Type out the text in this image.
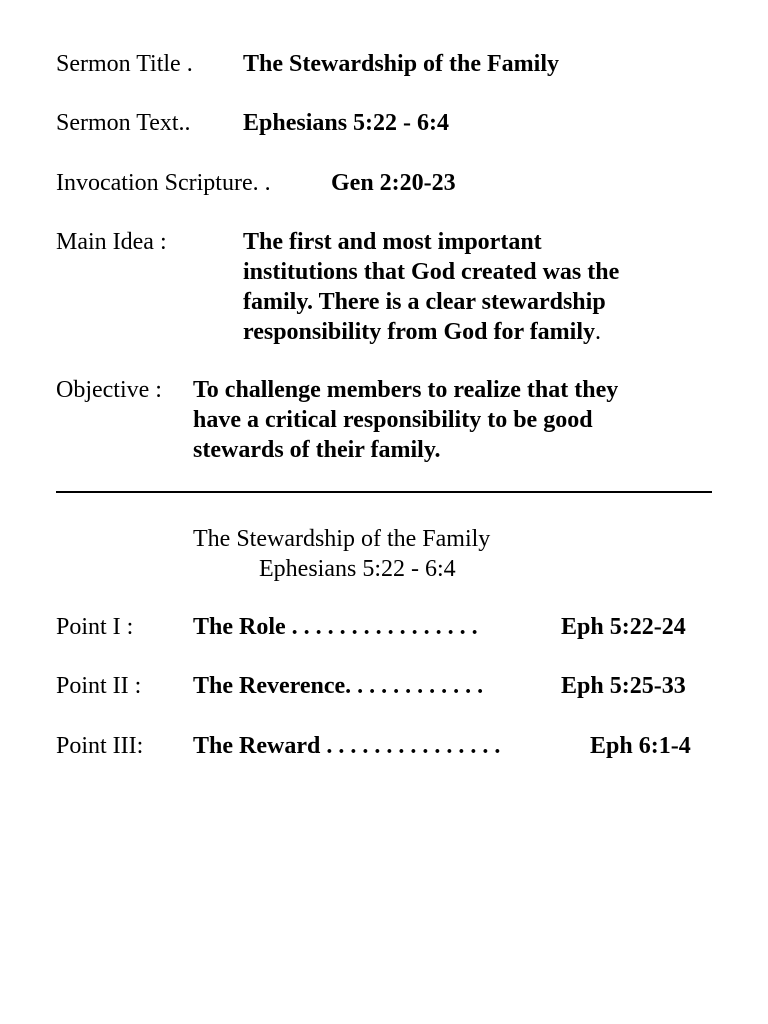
Sermon Title . The Stewardship of the Family
Sermon Text.. Ephesians 5:22 - 6:4
Invocation Scripture. .	Gen 2:20-23
Main Idea :	The first and most important
institutions that God created was the
family. There is a clear stewardship
responsibility from God for family.
Objective : To challenge members to realize that they
have a critical responsibility to be good
stewards of their family.
The Stewardship of the Family
Ephesians 5:22 - 6:4
Point I : The Role . . . . . . . . . . . . . . . .	Eph 5:22-24
Point II : The Reverence. . . . . . . . . . . .	Eph 5:25-33
Point III: The Reward . . . . . . . . . . . . . . .	Eph 6:1-4
